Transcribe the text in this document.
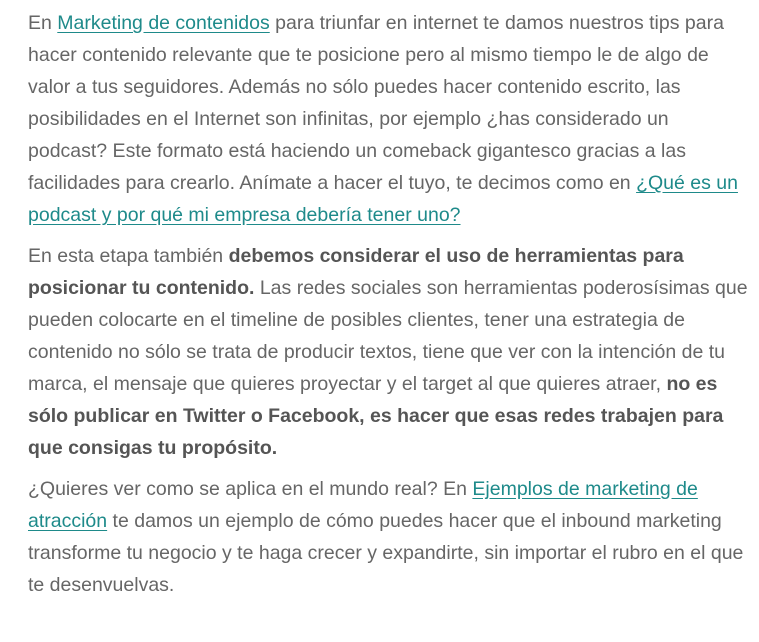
En Marketing de contenidos para triunfar en internet te damos nuestros tips para hacer contenido relevante que te posicione pero al mismo tiempo le de algo de valor a tus seguidores. Además no sólo puedes hacer contenido escrito, las posibilidades en el Internet son infinitas, por ejemplo ¿has considerado un podcast? Este formato está haciendo un comeback gigantesco gracias a las facilidades para crearlo. Anímate a hacer el tuyo, te decimos como en ¿Qué es un podcast y por qué mi empresa debería tener uno?

En esta etapa también debemos considerar el uso de herramientas para posicionar tu contenido. Las redes sociales son herramientas poderosísimas que pueden colocarte en el timeline de posibles clientes, tener una estrategia de contenido no sólo se trata de producir textos, tiene que ver con la intención de tu marca, el mensaje que quieres proyectar y el target al que quieres atraer, no es sólo publicar en Twitter o Facebook, es hacer que esas redes trabajen para que consigas tu propósito.

¿Quieres ver como se aplica en el mundo real? En Ejemplos de marketing de atracción te damos un ejemplo de cómo puedes hacer que el inbound marketing transforme tu negocio y te haga crecer y expandirte, sin importar el rubro en el que te desenvuelvas.
